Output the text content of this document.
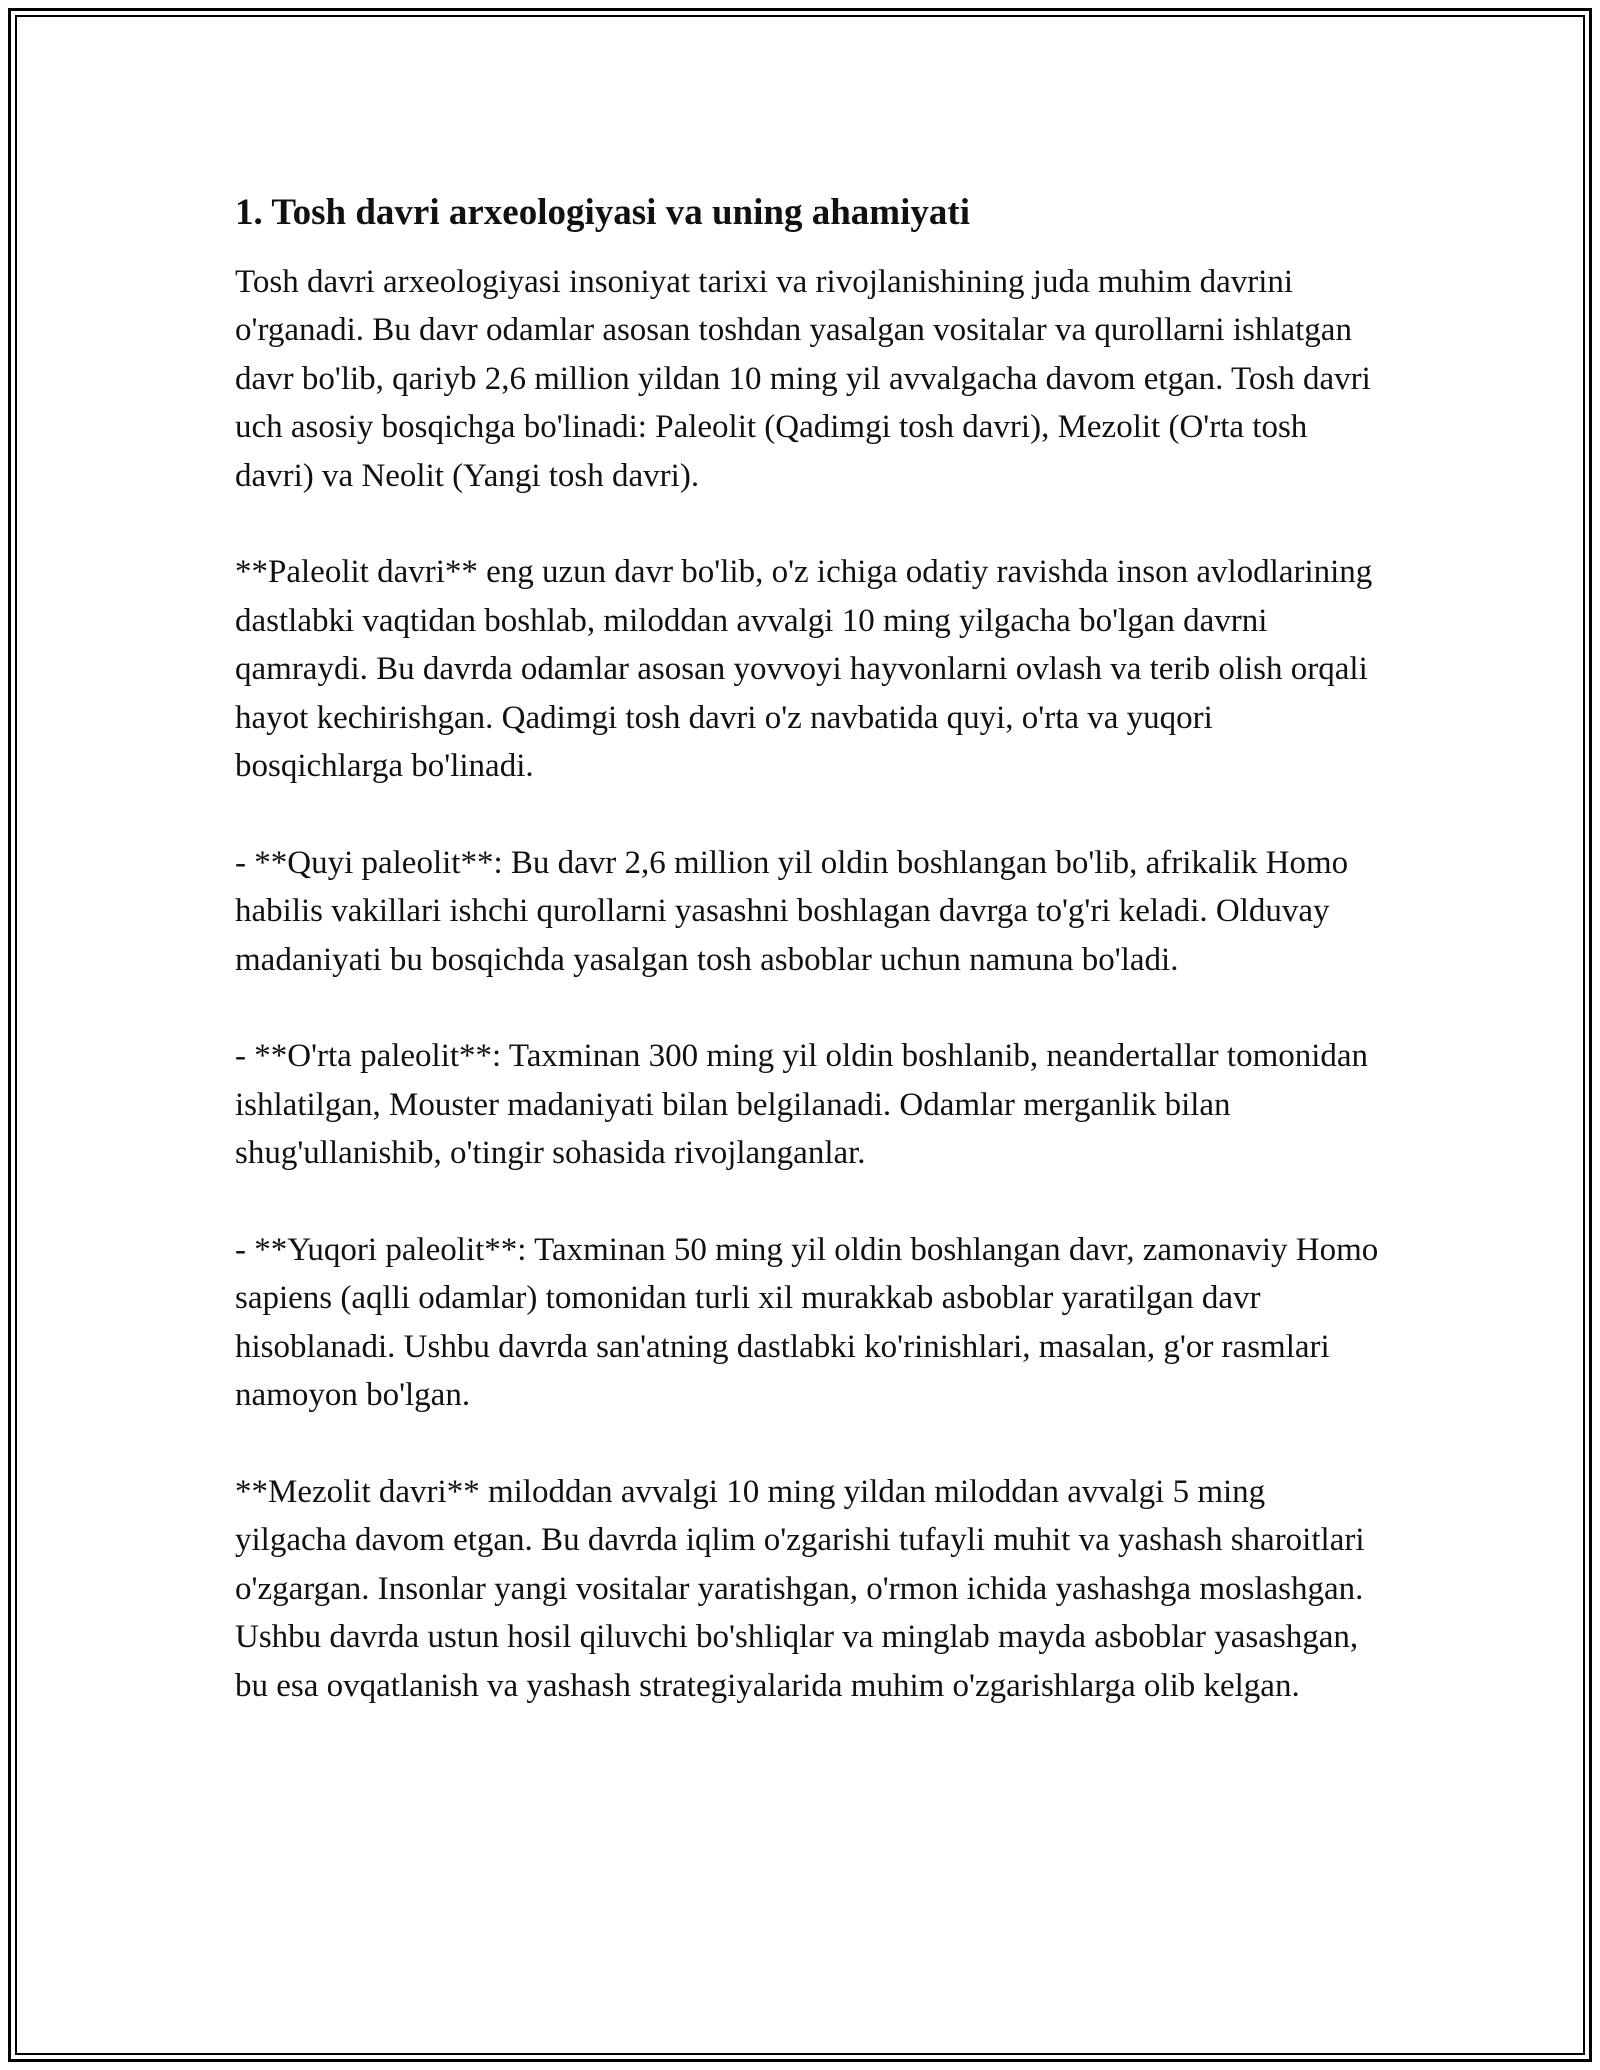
1. Tosh davri arxeologiyasi va uning ahamiyati
Tosh davri arxeologiyasi insoniyat tarixi va rivojlanishining juda muhim davrini o'rganadi. Bu davr odamlar asosan toshdan yasalgan vositalar va qurollarni ishlatgan davr bo'lib, qariyb 2,6 million yildan 10 ming yil avvalgacha davom etgan. Tosh davri uch asosiy bosqichga bo'linadi: Paleolit (Qadimgi tosh davri), Mezolit (O'rta tosh davri) va Neolit (Yangi tosh davri).
**Paleolit davri** eng uzun davr bo'lib, o'z ichiga odatiy ravishda inson avlodlarining dastlabki vaqtidan boshlab, miloddan avvalgi 10 ming yilgacha bo'lgan davrni qamraydi. Bu davrda odamlar asosan yovvoyi hayvonlarni ovlash va terib olish orqali hayot kechirishgan. Qadimgi tosh davri o'z navbatida quyi, o'rta va yuqori bosqichlarga bo'linadi.
- **Quyi paleolit**: Bu davr 2,6 million yil oldin boshlangan bo'lib, afrikalik Homo habilis vakillari ishchi qurollarni yasashni boshlagan davrga to'g'ri keladi. Olduvay madaniyati bu bosqichda yasalgan tosh asboblar uchun namuna bo'ladi.
- **O'rta paleolit**: Taxminan 300 ming yil oldin boshlanib, neandertallar tomonidan ishlatilgan, Mouster madaniyati bilan belgilanadi. Odamlar merganlik bilan shug'ullanishib, o'tingir sohasida rivojlanganlar.
- **Yuqori paleolit**: Taxminan 50 ming yil oldin boshlangan davr, zamonaviy Homo sapiens (aqlli odamlar) tomonidan turli xil murakkab asboblar yaratilgan davr hisoblanadi. Ushbu davrda san'atning dastlabki ko'rinishlari, masalan, g'or rasmlari namoyon bo'lgan.
**Mezolit davri** miloddan avvalgi 10 ming yildan miloddan avvalgi 5 ming yilgacha davom etgan. Bu davrda iqlim o'zgarishi tufayli muhit va yashash sharoitlari o'zgargan. Insonlar yangi vositalar yaratishgan, o'rmon ichida yashashga moslashgan. Ushbu davrda ustun hosil qiluvchi bo'shliqlar va minglab mayda asboblar yasashgan, bu esa ovqatlanish va yashash strategiyalarida muhim o'zgarishlarga olib kelgan.
